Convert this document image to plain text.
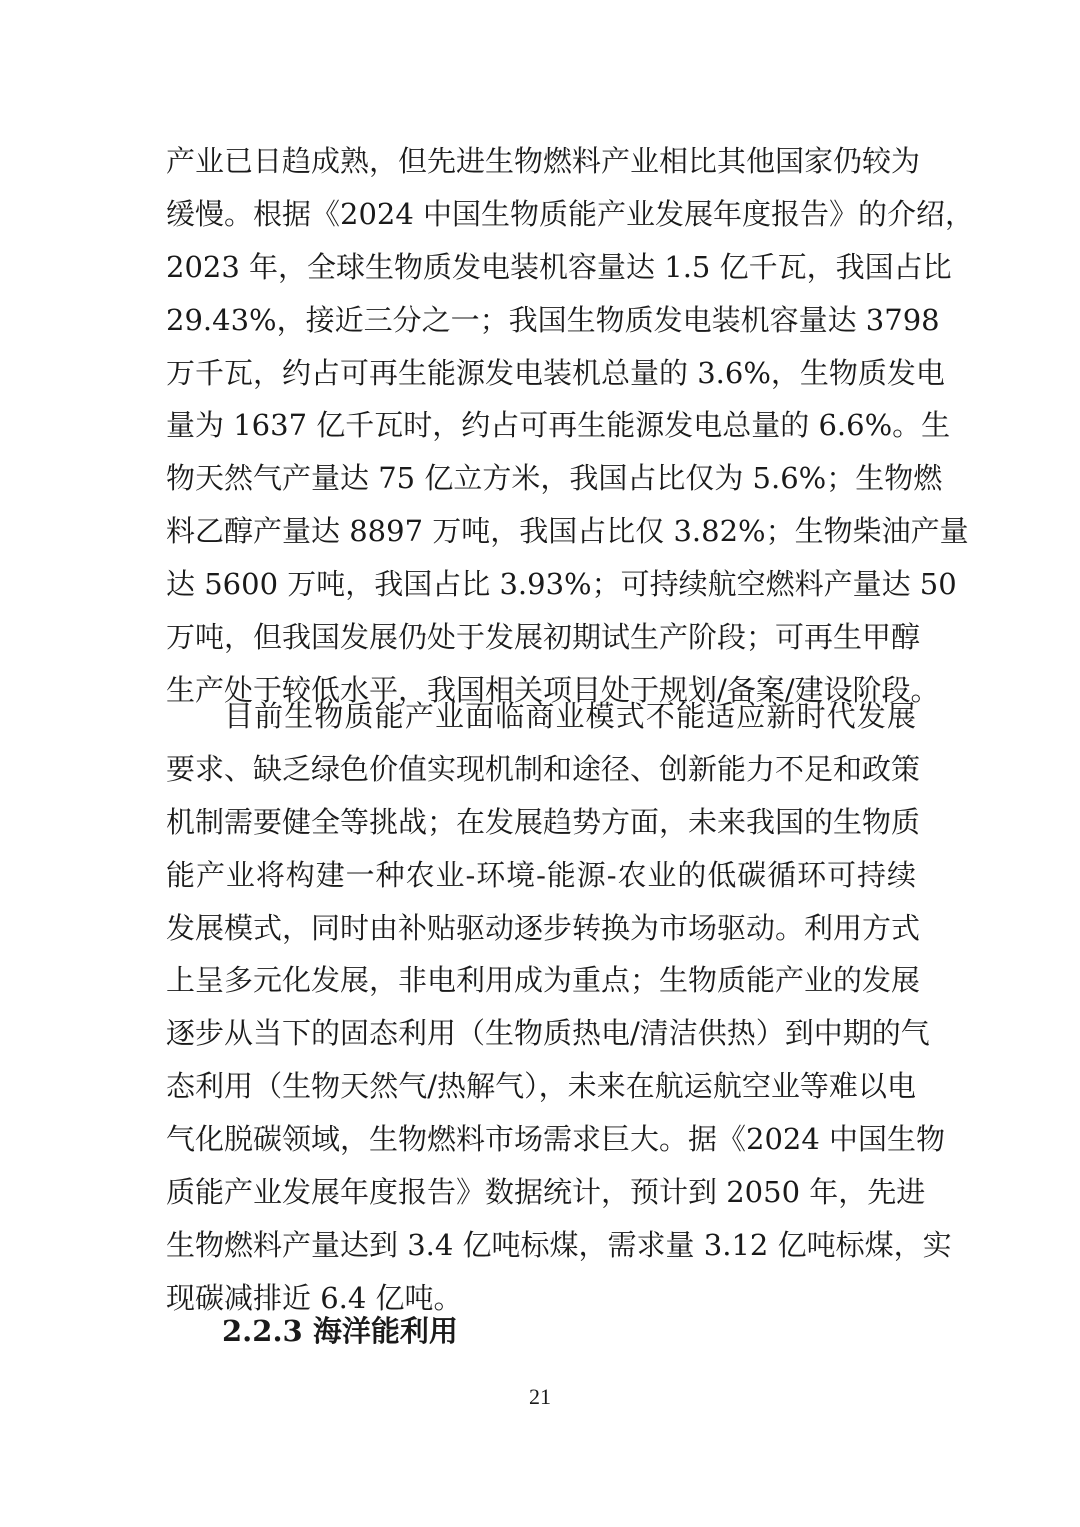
产业已日趋成熟，但先进生物燃料产业相比其他国家仍较为
缓慢。根据《2024 中国生物质能产业发展年度报告》的介绍，
2023 年，全球生物质发电装机容量达 1.5 亿千瓦，我国占比
29.43%，接近三分之一；我国生物质发电装机容量达 3798
万千瓦，约占可再生能源发电装机总量的 3.6%，生物质发电
量为 1637 亿千瓦时，约占可再生能源发电总量的 6.6%。生
物天然气产量达 75 亿立方米，我国占比仅为 5.6%；生物燃
料乙醇产量达 8897 万吨，我国占比仅 3.82%；生物柴油产量
达 5600 万吨，我国占比 3.93%；可持续航空燃料产量达 50
万吨，但我国发展仍处于发展初期试生产阶段；可再生甲醇
生产处于较低水平，我国相关项目处于规划/备案/建设阶段。
目前生物质能产业面临商业模式不能适应新时代发展
要求、缺乏绿色价值实现机制和途径、创新能力不足和政策
机制需要健全等挑战；在发展趋势方面，未来我国的生物质
能产业将构建一种农业-环境-能源-农业的低碳循环可持续
发展模式，同时由补贴驱动逐步转换为市场驱动。利用方式
上呈多元化发展，非电利用成为重点；生物质能产业的发展
逐步从当下的固态利用（生物质热电/清洁供热）到中期的气
态利用（生物天然气/热解气），未来在航运航空业等难以电
气化脱碳领域，生物燃料市场需求巨大。据《2024 中国生物
质能产业发展年度报告》数据统计，预计到 2050 年，先进
生物燃料产量达到 3.4 亿吨标煤，需求量 3.12 亿吨标煤，实
现碳减排近 6.4 亿吨。
2.2.3 海洋能利用
21
